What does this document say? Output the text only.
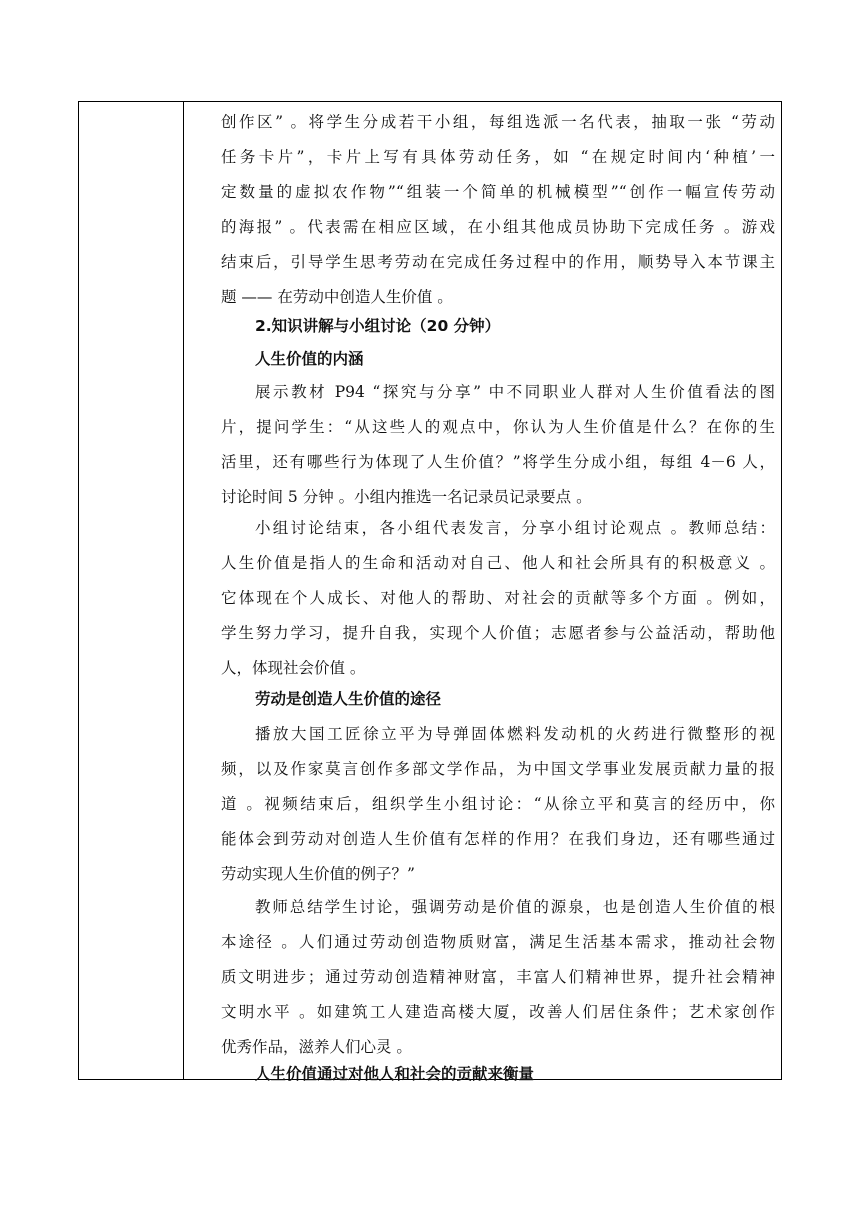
创作区” 。将学生分成若干小组，每组选派一名代表，抽取一张 “劳动
任务卡片”，卡片上写有具体劳动任务，如 “在规定时间内‘种植’一
定数量的虚拟农作物”“组装一个简单的机械模型”“创作一幅宣传劳动
的海报” 。代表需在相应区域，在小组其他成员协助下完成任务 。游戏
结束后，引导学生思考劳动在完成任务过程中的作用，顺势导入本节课主
题 —— 在劳动中创造人生价值 。
2.知识讲解与小组讨论（20 分钟）
人生价值的内涵
展示教材 P94 “探究与分享” 中不同职业人群对人生价值看法的图
片，提问学生：“从这些人的观点中，你认为人生价值是什么？在你的生
活里，还有哪些行为体现了人生价值？”将学生分成小组，每组 4－6 人，
讨论时间 5 分钟 。小组内推选一名记录员记录要点 。
小组讨论结束，各小组代表发言，分享小组讨论观点 。教师总结：
人生价值是指人的生命和活动对自己、他人和社会所具有的积极意义 。
它体现在个人成长、对他人的帮助、对社会的贡献等多个方面 。例如，
学生努力学习，提升自我，实现个人价值；志愿者参与公益活动，帮助他
人，体现社会价值 。
劳动是创造人生价值的途径
播放大国工匠徐立平为导弹固体燃料发动机的火药进行微整形的视
频，以及作家莫言创作多部文学作品，为中国文学事业发展贡献力量的报
道 。视频结束后，组织学生小组讨论：“从徐立平和莫言的经历中，你
能体会到劳动对创造人生价值有怎样的作用？在我们身边，还有哪些通过
劳动实现人生价值的例子？”
教师总结学生讨论，强调劳动是价值的源泉，也是创造人生价值的根
本途径 。人们通过劳动创造物质财富，满足生活基本需求，推动社会物
质文明进步；通过劳动创造精神财富，丰富人们精神世界，提升社会精神
文明水平 。如建筑工人建造高楼大厦，改善人们居住条件；艺术家创作
优秀作品，滋养人们心灵 。
人生价值通过对他人和社会的贡献来衡量
